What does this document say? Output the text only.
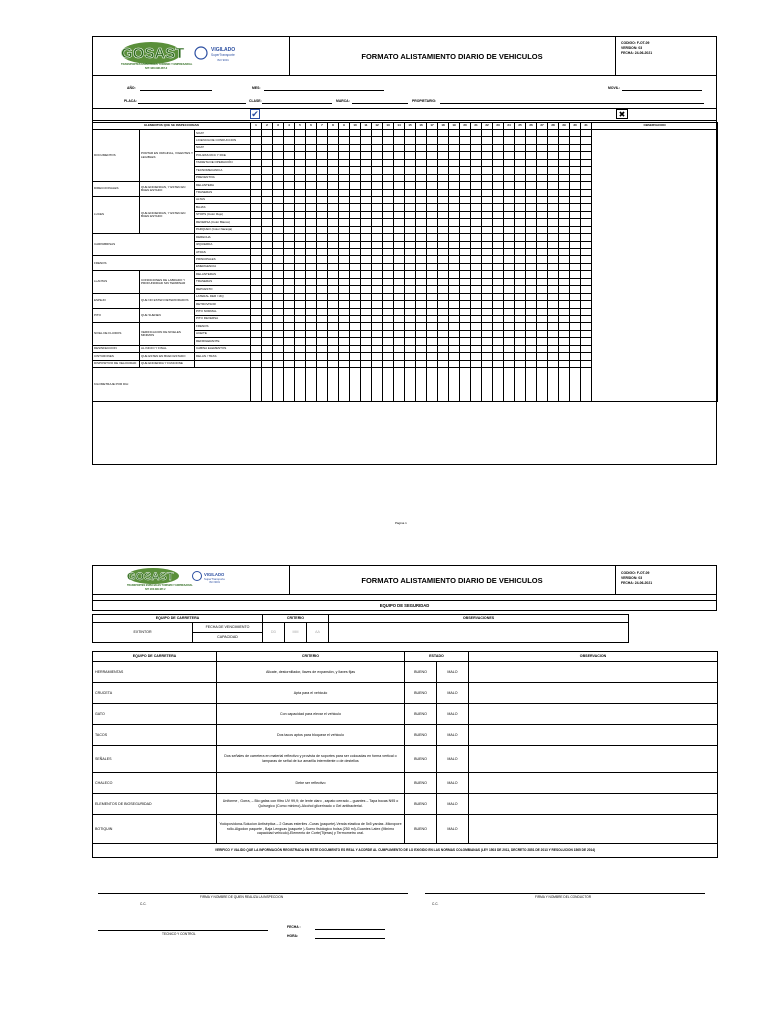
GOSAST
TRANSPORTES ESPECIALES TURISMO Y EMPRESARIAL
NIT: 900.098.487-2
VIGILADO
SuperTransporte
ISO 9001	FORMATO ALISTAMIENTO DIARIO DE VEHICULOS
CODIGO: F-OT-09
VERSION: 03
FECHA: 24-06-2021
AÑO:	MES:	MOVIL:
PLACA:	CLASE:	MARCA:	PROPIETARIO:
✔	✖
ELEMENTOS QUE SE INSPECCIONAN			1	2	3	4	5	6	7	8	9	10	11	12	13	14	15	16	17	18	19	20	21	22	23	24	25	26	27	28	29	30	31	OBSERVACION
DOCUMENTOS	PORTAR EN ORIGINAL, VIGENTES Y LEGIBLES	SOAT																																
		LICENCIA DE CONDUCCION																																
		SOAT																																
		POLIZAS RCC Y RCE																																
		TARJETA DE OPERACIÓN																																
		TECNOMECANICA																																
		PREVENTIVA																																
DIRECCIONALES	QUE ENCIENDAN, Y ESTEN EN BUEN ESTADO	DELANTERA																																
		TRASERAS																																
LUCES	QUE ENCIENDAN, Y ESTEN EN BUEN ESTADO	ALTAS																																
		BAJAS																																
		STOPS (Color Rojo)																																
		REVERSA (Color Blanco)																																
		PARQUEO (Color Naranja)																																
CARPABRISAS		DERECHA																																
		IZQUIERDA																																
		ATRAS																																
FRENOS		PRINCIPALES																																
		EMERGENCIA																																
LLANTAS	CONDICIONES DE LABRADO Y PROFUNDIDAD SIN TERMINAR	DELANTERAS																																
		TRASERAS																																
		REPUESTO																																
ESPEJO	QUE NO ESTEN DETERIORADOS	LATERAL DER / IZQ																																
		RETROVISOR																																
PITO	QUE SUENEN	PITO NORMAL																																
		PITO REVERSA																																
NIVEL DE FLUIDOS	VERIFICACION DE NIVELES MINIMOS	FRENOS																																
		ACEITE																																
		REFRIGERANTE																																
DESINFECCION	AL INICIO Y FINAL	CABINA ELEMENTOS																																
CINTURONES	QUE ESTEN EN BUEN ESTADO	DELAN / TRAS																																
DISPOSITIVO DE VELOCIDAD	QUE ENCIENDA Y FUNCIONE																																	
KILOMETRAJE POR DIA:																																		
Página 1
GOSAST
TRANSPORTES ESPECIALES TURISMO Y EMPRESARIAL
NIT: 900.098.487-2
VIGILADO
SuperTransporte
ISO 9001	FORMATO ALISTAMIENTO DIARIO DE VEHICULOS
CODIGO: F-OT-09
VERSION: 03
FECHA: 24-06-2021
EQUIPO DE SEGURIDAD
EQUIPO DE CARRETERA		CRITERIO			OBSERVACIONES
EXTINTOR	FECHA DE VENCIMIENTO	DD	MM	AA	
	CAPACIDAD				
EQUIPO DE CARRETERA	CRITERIO	ESTADO		OBSERVACION
HERRAMIENTAS	Alicate, destornillador, llaves de expansión, y llaves fijas	BUENO	MALO	
CRUCETA	Apta para el vehiculo	BUENO	MALO	
GATO	Con capacidad para elevar el vehiculo	BUENO	MALO	
TACOS	Dos tacos aptos para bloquear el vehiculo	BUENO	MALO	
SEÑALES	Dos señales de carretera en material reflectivo y provista de soportes para ser colocadas en forma vertical o lamparas de señal de luz amarilla intermitente o de destellos	BUENO	MALO	
CHALECO	Debe ser reflectivo	BUENO	MALO	
ELEMENTOS DE BIOSEGURIDAD	Uniforme , Gorra, – Bio gafas con filtro UV 99,9; de lente claro , zapato cerrado – guantes – Tapa bocas N95 o Quirurgico (Como minimo)-Alcohol glicerinado o Gel antibacterial.	BUENO	MALO	
BOTIQUIN	Yodopovidona-Solucion Antiséptica – 2 Gasas esteriles -Curas (paquete)-Venda elastica de 5x5 yardas -Micropore rollo-Algodon paquete , Baja Lenguas (paquete )-Suero fisiologico bolsa (250 ml)-Guantes Latex (Minimo capacidad vehiculo)-Elemento de Corte(Tijeras) y Termometro oral.	BUENO	MALO	
VERIFICO Y VALIDO QUE LA INFORMACIÓN REGISTRADA EN ESTE DOCUMENTO ES REAL Y ACORDE AL CUMPLIMIENTO DE LO EXIGIDO EN LAS NORMAS COLOMBIANAS (LEY 1503 DE 2011, DECRETO 2851 DE 2013 Y RESOLUCION 1565 DE 2014)				
FIRMA Y NOMBRE DE QUIEN REALIZA LA INSPECCION
C.C.
FIRMA Y NOMBRE DEL CONDUCTOR
C.C.
TECNICO Y CONTROL
FECHA :
HORA:
